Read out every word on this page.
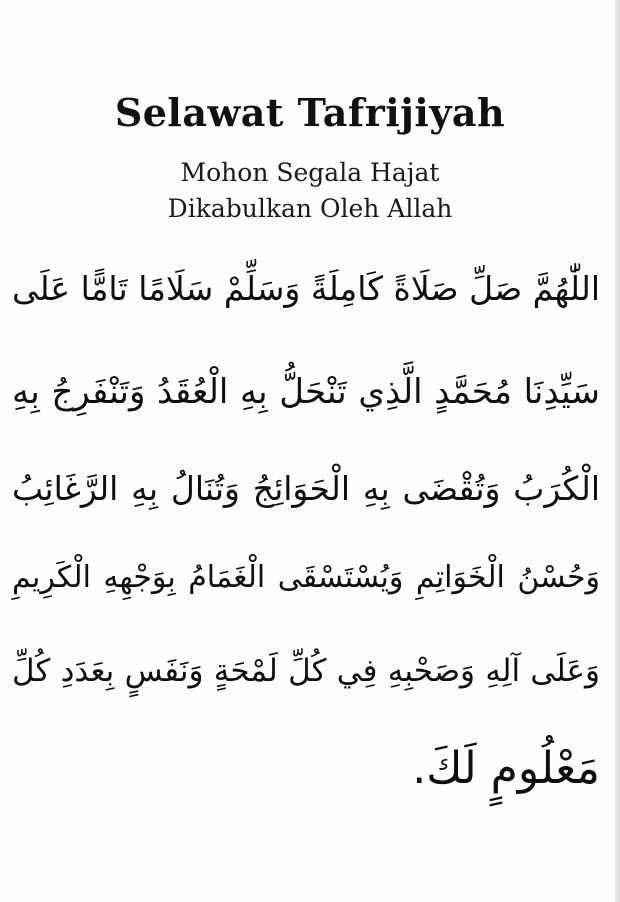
Selawat Tafrijiyah
Mohon Segala Hajat
Dikabulkan Oleh Allah
اللّٰهُمَّ صَلِّ صَلَاةً كَامِلَةً وَسَلِّمْ سَلَامًا تَامًّا عَلَى
سَيِّدِنَا مُحَمَّدٍ الَّذِي تَنْحَلُّ بِهِ الْعُقَدُ وَتَنْفَرِجُ بِهِ
الْكُرَبُ وَتُقْضَى بِهِ الْحَوَائِجُ وَتُنَالُ بِهِ الرَّغَائِبُ
وَحُسْنُ الْخَوَاتِمِ وَيُسْتَسْقَى الْغَمَامُ بِوَجْهِهِ الْكَرِيمِ
وَعَلَى آلِهِ وَصَحْبِهِ فِي كُلِّ لَمْحَةٍ وَنَفَسٍ بِعَدَدِ كُلِّ
مَعْلُومٍ لَكَ.
